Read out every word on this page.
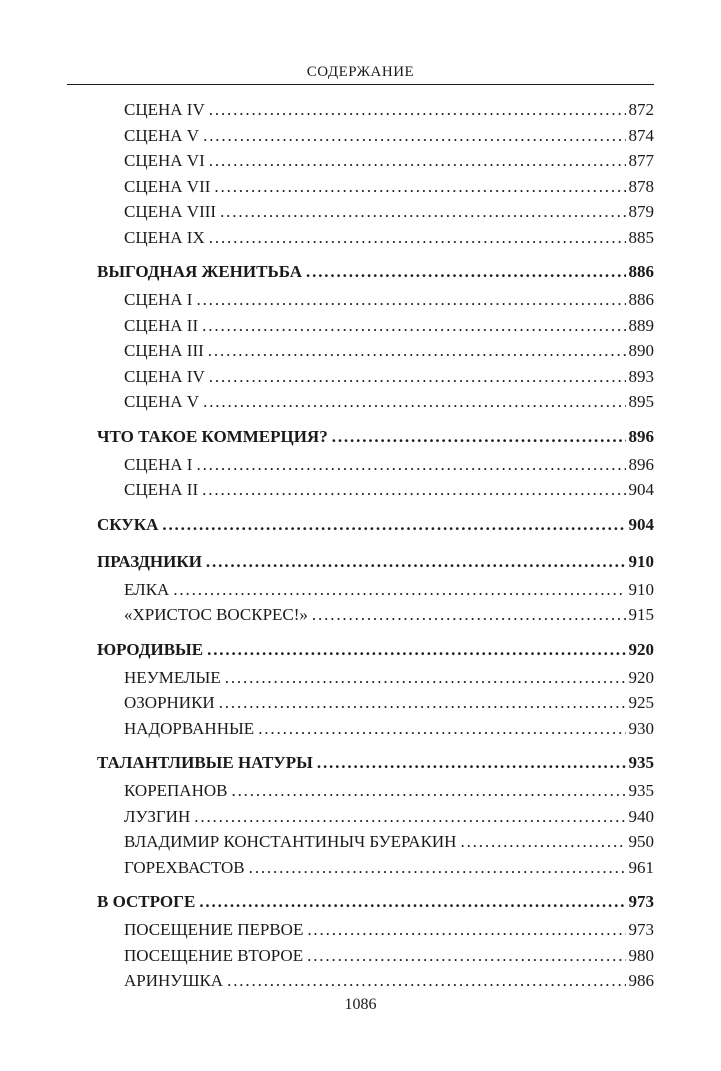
СОДЕРЖАНИЕ
СЦЕНА IV . . .	872
СЦЕНА V . . .	874
СЦЕНА VI . . .	877
СЦЕНА VII . . .	878
СЦЕНА VIII . . .	879
СЦЕНА IX . . .	885
ВЫГОДНАЯ ЖЕНИТЬБА . . .	886
СЦЕНА I . . .	886
СЦЕНА II . . .	889
СЦЕНА III . . .	890
СЦЕНА IV . . .	893
СЦЕНА V . . .	895
ЧТО ТАКОЕ КОММЕРЦИЯ? . . .	896
СЦЕНА I . . .	896
СЦЕНА II . . .	904
СКУКА . . .	904
ПРАЗДНИКИ . . .	910
ЕЛКА . . .	910
«ХРИСТОС ВОСКРЕС!» . . .	915
ЮРОДИВЫЕ . . .	920
НЕУМЕЛЫЕ . . .	920
ОЗОРНИКИ . . .	925
НАДОРВАННЫЕ . . .	930
ТАЛАНТЛИВЫЕ НАТУРЫ . . .	935
КОРЕПАНОВ . . .	935
ЛУЗГИН . . .	940
ВЛАДИМИР КОНСТАНТИНЫЧ БУЕРАКИН . . .	950
ГОРЕХВАСТОВ . . .	961
В ОСТРОГЕ . . .	973
ПОСЕЩЕНИЕ ПЕРВОЕ . . .	973
ПОСЕЩЕНИЕ ВТОРОЕ . . .	980
АРИНУШКА . . .	986
1086
